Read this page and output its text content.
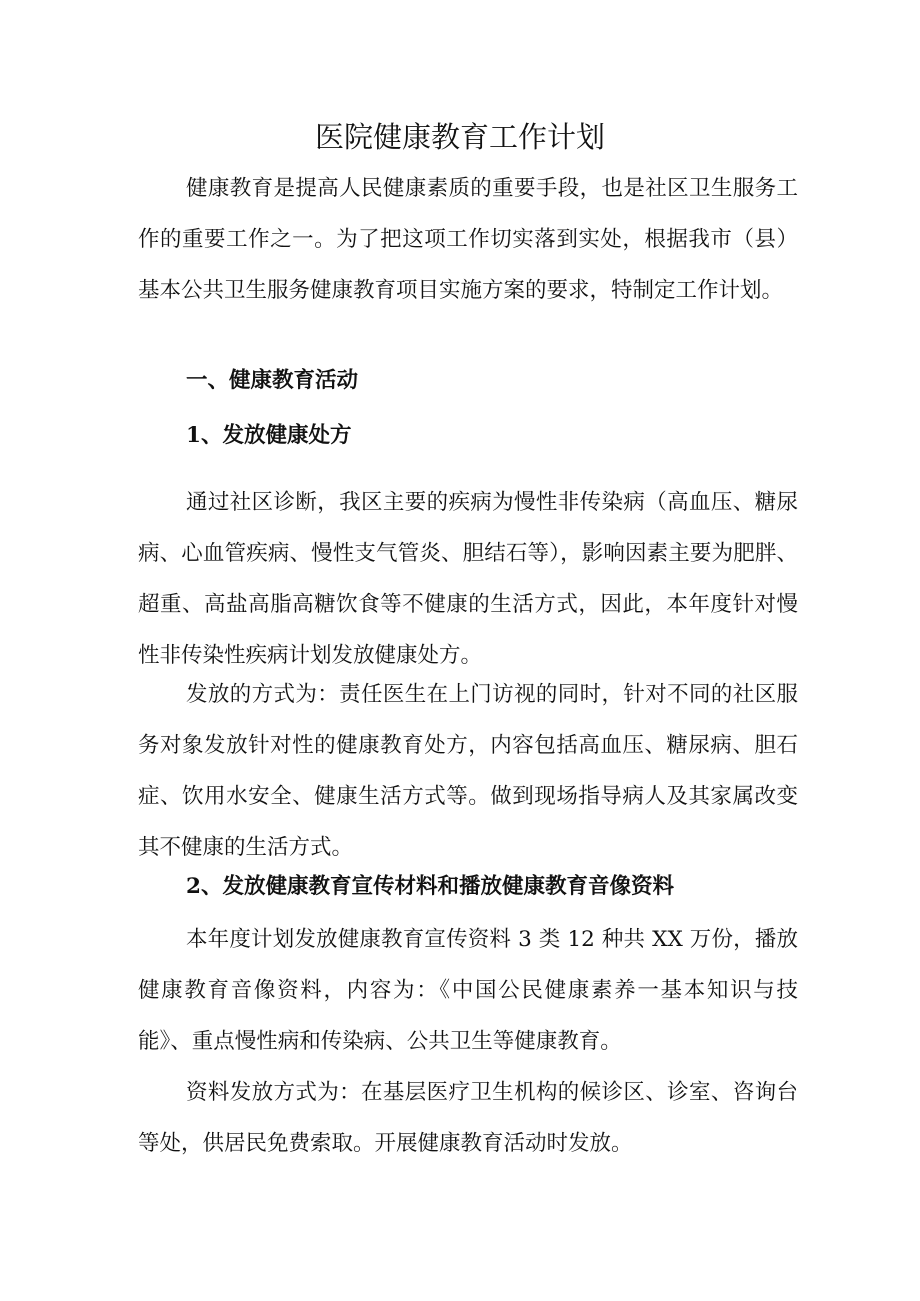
医院健康教育工作计划

健康教育是提高人民健康素质的重要手段，也是社区卫生服务工作的重要工作之一。为了把这项工作切实落到实处，根据我市（县）基本公共卫生服务健康教育项目实施方案的要求，特制定工作计划。

一、健康教育活动
1、发放健康处方

通过社区诊断，我区主要的疾病为慢性非传染病（高血压、糖尿病、心血管疾病、慢性支气管炎、胆结石等），影响因素主要为肥胖、超重、高盐高脂高糖饮食等不健康的生活方式，因此，本年度针对慢性非传染性疾病计划发放健康处方。

发放的方式为：责任医生在上门访视的同时，针对不同的社区服务对象发放针对性的健康教育处方，内容包括高血压、糖尿病、胆石症、饮用水安全、健康生活方式等。做到现场指导病人及其家属改变其不健康的生活方式。

2、发放健康教育宣传材料和播放健康教育音像资料

本年度计划发放健康教育宣传资料 3 类 12 种共 XX 万份，播放健康教育音像资料，内容为：《中国公民健康素养一基本知识与技能》、重点慢性病和传染病、公共卫生等健康教育。

资料发放方式为：在基层医疗卫生机构的候诊区、诊室、咨询台等处，供居民免费索取。开展健康教育活动时发放。
